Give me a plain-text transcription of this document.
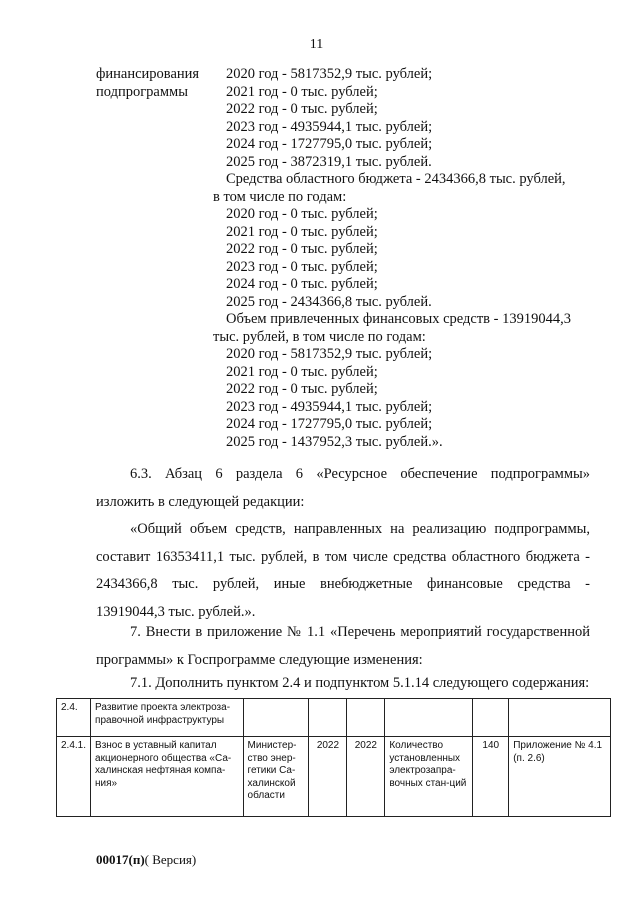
11
финансирования
подпрограммы
2020 год - 5817352,9 тыс. рублей;
2021 год - 0 тыс. рублей;
2022 год - 0 тыс. рублей;
2023 год - 4935944,1 тыс. рублей;
2024 год - 1727795,0 тыс. рублей;
2025 год - 3872319,1 тыс. рублей.
Средства областного бюджета - 2434366,8 тыс. рублей,
в том числе по годам:
2020 год - 0 тыс. рублей;
2021 год - 0 тыс. рублей;
2022 год - 0 тыс. рублей;
2023 год - 0 тыс. рублей;
2024 год - 0 тыс. рублей;
2025 год - 2434366,8 тыс. рублей.
Объем привлеченных финансовых средств - 13919044,3
тыс. рублей, в том числе по годам:
2020 год - 5817352,9 тыс. рублей;
2021 год - 0 тыс. рублей;
2022 год - 0 тыс. рублей;
2023 год - 4935944,1 тыс. рублей;
2024 год - 1727795,0 тыс. рублей;
2025 год - 1437952,3 тыс. рублей.».
6.3. Абзац 6 раздела 6 «Ресурсное обеспечение подпрограммы»
изложить в следующей редакции:
«Общий объем средств, направленных на реализацию подпрограммы,
составит 16353411,1 тыс. рублей, в том числе средства областного бюджета -
2434366,8 тыс. рублей, иные внебюджетные финансовые средства -
13919044,3 тыс. рублей.».
7. Внести в приложение № 1.1 «Перечень мероприятий государственной
программы» к Госпрограмме следующие изменения:
7.1. Дополнить пунктом 2.4 и подпунктом 5.1.14 следующего содержания:
2.4.	Развитие проекта электроза-правочной инфраструктуры						
2.4.1.	Взнос в уставный капитал акционерного общества «Са-халинская нефтяная компа-ния»	Министер-ство энер-гетики Са-халинской области	2022	2022	Количество установленных электрозапра-вочных стан-ций	140	Приложение № 4.1 (п. 2.6)
00017(п)( Версия)
